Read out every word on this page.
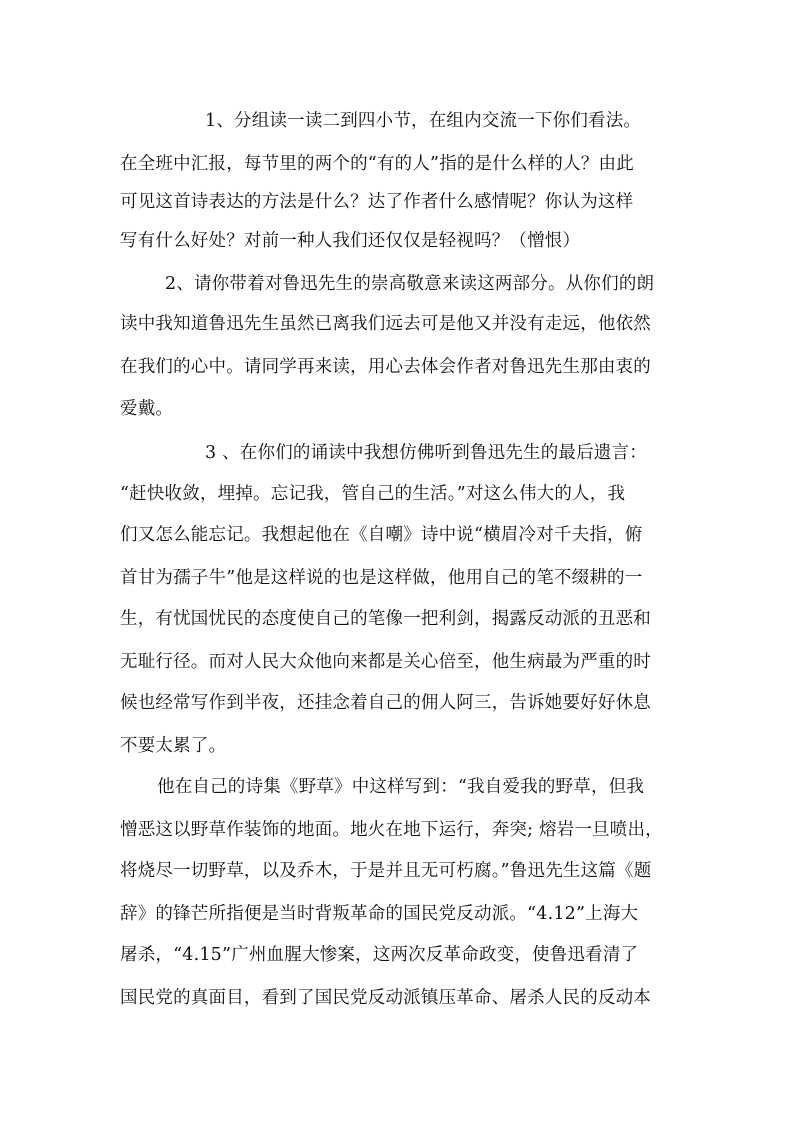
1、分组读一读二到四小节，在组内交流一下你们看法。
在全班中汇报，每节里的两个的“有的人”指的是什么样的人？由此
可见这首诗表达的方法是什么？达了作者什么感情呢？你认为这样
写有什么好处？对前一种人我们还仅仅是轻视吗？（憎恨）
2、请你带着对鲁迅先生的崇高敬意来读这两部分。从你们的朗
读中我知道鲁迅先生虽然已离我们远去可是他又并没有走远，他依然
在我们的心中。请同学再来读，用心去体会作者对鲁迅先生那由衷的
爱戴。
3 、在你们的诵读中我想仿佛听到鲁迅先生的最后遗言：
“赶快收敛，埋掉。忘记我，管自己的生活。”对这么伟大的人，我
们又怎么能忘记。我想起他在《自嘲》诗中说“横眉冷对千夫指，俯
首甘为孺子牛”他是这样说的也是这样做，他用自己的笔不缀耕的一
生，有忧国忧民的态度使自己的笔像一把利剑，揭露反动派的丑恶和
无耻行径。而对人民大众他向来都是关心倍至，他生病最为严重的时
候也经常写作到半夜，还挂念着自己的佣人阿三，告诉她要好好休息
不要太累了。
他在自己的诗集《野草》中这样写到：“我自爱我的野草，但我
憎恶这以野草作装饰的地面。地火在地下运行，奔突; 熔岩一旦喷出，
将烧尽一切野草，以及乔木，于是并且无可朽腐。”鲁迅先生这篇《题
辞》的锋芒所指便是当时背叛革命的国民党反动派。“4.12”上海大
屠杀，“4.15”广州血腥大惨案，这两次反革命政变，使鲁迅看清了
国民党的真面目，看到了国民党反动派镇压革命、屠杀人民的反动本
